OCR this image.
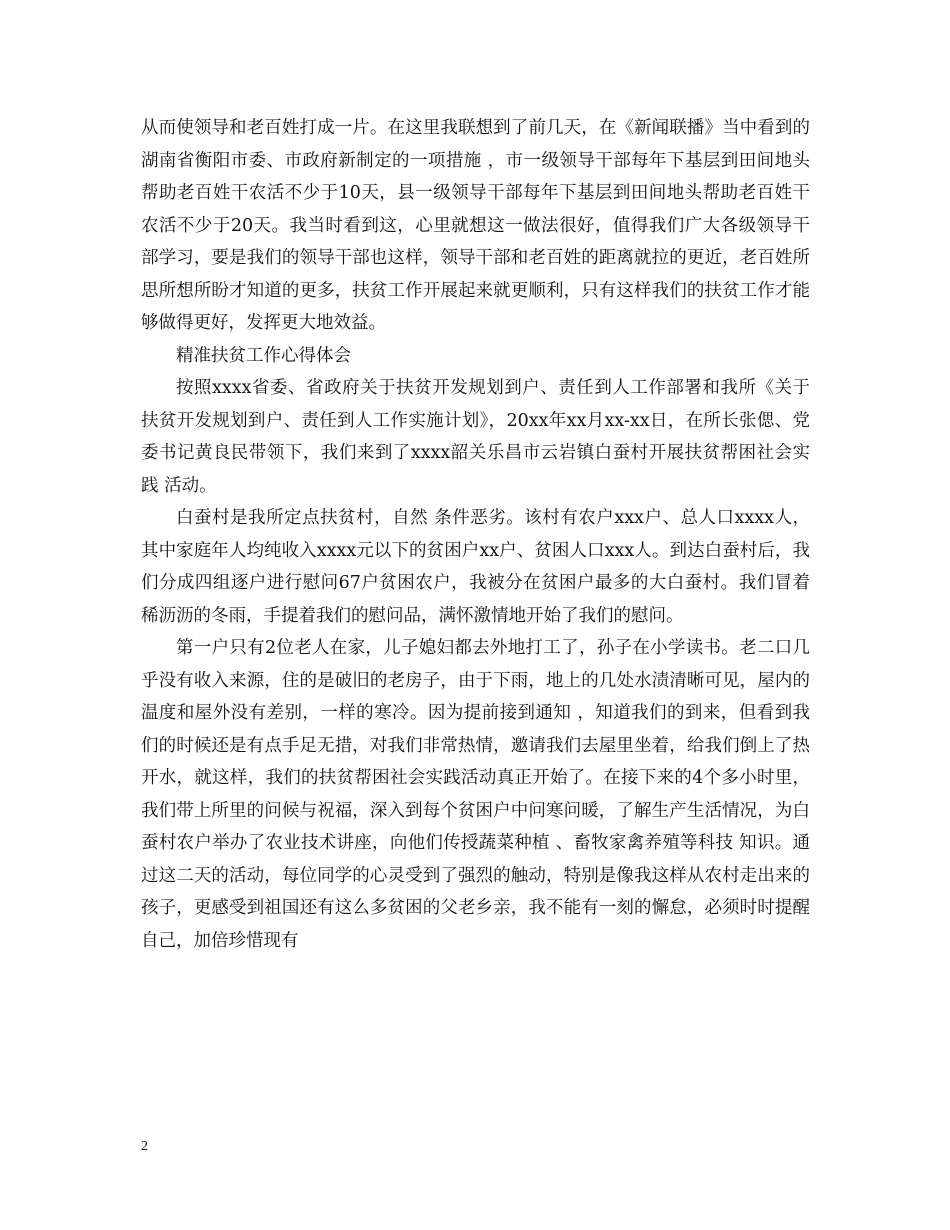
从而使领导和老百姓打成一片。在这里我联想到了前几天，在《新闻联播》当中看到的湖南省衡阳市委、市政府新制定的一项措施 ，市一级领导干部每年下基层到田间地头帮助老百姓干农活不少于10天，县一级领导干部每年下基层到田间地头帮助老百姓干农活不少于20天。我当时看到这，心里就想这一做法很好，值得我们广大各级领导干部学习，要是我们的领导干部也这样，领导干部和老百姓的距离就拉的更近，老百姓所思所想所盼才知道的更多，扶贫工作开展起来就更顺利，只有这样我们的扶贫工作才能够做得更好，发挥更大地效益。

精准扶贫工作心得体会

按照xxxx省委、省政府关于扶贫开发规划到户、责任到人工作部署和我所《关于扶贫开发规划到户、责任到人工作实施计划》，20xx年xx月xx-xx日，在所长张偲、党委书记黄良民带领下，我们来到了xxxx韶关乐昌市云岩镇白蚕村开展扶贫帮困社会实践 活动。

白蚕村是我所定点扶贫村，自然 条件恶劣。该村有农户xxx户、总人口xxxx人，其中家庭年人均纯收入xxxx元以下的贫困户xx户、贫困人口xxx人。到达白蚕村后，我们分成四组逐户进行慰问67户贫困农户，我被分在贫困户最多的大白蚕村。我们冒着稀沥沥的冬雨，手提着我们的慰问品，满怀激情地开始了我们的慰问。

第一户只有2位老人在家，儿子媳妇都去外地打工了，孙子在小学读书。老二口几乎没有收入来源，住的是破旧的老房子，由于下雨，地上的几处水渍清晰可见，屋内的温度和屋外没有差别，一样的寒冷。因为提前接到通知 ，知道我们的到来，但看到我们的时候还是有点手足无措，对我们非常热情，邀请我们去屋里坐着，给我们倒上了热开水，就这样，我们的扶贫帮困社会实践活动真正开始了。在接下来的4个多小时里，我们带上所里的问候与祝福，深入到每个贫困户中问寒问暖，了解生产生活情况，为白蚕村农户举办了农业技术讲座，向他们传授蔬菜种植 、畜牧家禽养殖等科技 知识。通过这二天的活动，每位同学的心灵受到了强烈的触动，特别是像我这样从农村走出来的孩子，更感受到祖国还有这么多贫困的父老乡亲，我不能有一刻的懈怠，必须时时提醒自己，加倍珍惜现有

2
